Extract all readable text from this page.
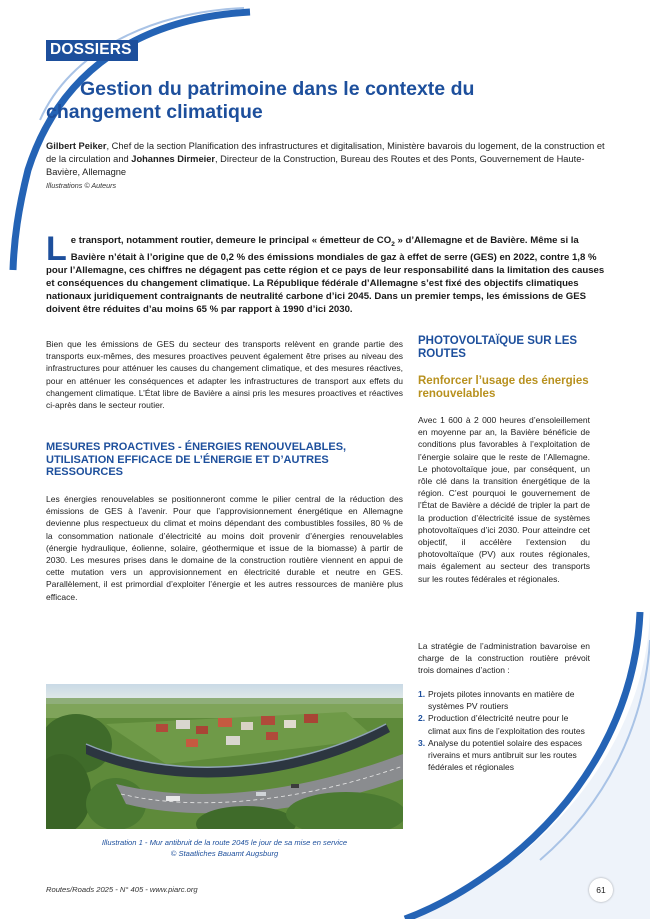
DOSSIERS
Gestion du patrimoine dans le contexte du changement climatique
Gilbert Peiker, Chef de la section Planification des infrastructures et digitalisation, Ministère bavarois du logement, de la construction et de la circulation and Johannes Dirmeier, Directeur de la Construction, Bureau des Routes et des Ponts, Gouvernement de Haute-Bavière, Allemagne
Illustrations © Auteurs
Le transport, notamment routier, demeure le principal « émetteur de $CO_2$ » d’Allemagne et de Bavière. Même si la Bavière n’était à l’origine que de 0,2 % des émissions mondiales de gaz à effet de serre (GES) en 2022, contre 1,8 % pour l’Allemagne, ces chiffres ne dégagent pas cette région et ce pays de leur responsabilité dans la limitation des causes et conséquences du changement climatique. La République fédérale d’Allemagne s’est fixé des objectifs climatiques nationaux juridiquement contraignants de neutralité carbone d’ici 2045. Dans un premier temps, les émissions de GES doivent être réduites d’au moins 65 % par rapport à 1990 d’ici 2030.
Bien que les émissions de GES du secteur des transports relèvent en grande partie des transports eux-mêmes, des mesures proactives peuvent également être prises au niveau des infrastructures pour atténuer les causes du changement climatique, et des mesures réactives, pour en atténuer les conséquences et adapter les infrastructures de transport aux effets du changement climatique. L’État libre de Bavière a ainsi pris les mesures proactives et réactives ci-après dans le secteur routier.
MESURES PROACTIVES - ÉNERGIES RENOUVELABLES, UTILISATION EFFICACE DE L’ÉNERGIE ET D’AUTRES RESSOURCES
Les énergies renouvelables se positionneront comme le pilier central de la réduction des émissions de GES à l’avenir. Pour que l’approvisionnement énergétique en Allemagne devienne plus respectueux du climat et moins dépendant des combustibles fossiles, 80 % de la consommation nationale d’électricité au moins doit provenir d’énergies renouvelables (énergie hydraulique, éolienne, solaire, géothermique et issue de la biomasse) à partir de 2030. Les mesures prises dans le domaine de la construction routière viennent en appui de cette mutation vers un approvisionnement en électricité durable et neutre en GES. Parallèlement, il est primordial d’exploiter l’énergie et les autres ressources de manière plus efficace.
Illustration 1 - Mur antibruit de la route 2045 le jour de sa mise en service
© Staatliches Bauamt Augsburg
PHOTOVOLTAÏQUE SUR LES ROUTES
Renforcer l’usage des énergies renouvelables
Avec 1 600 à 2 000 heures d’ensoleillement en moyenne par an, la Bavière bénéficie de conditions plus favorables à l’exploitation de l’énergie solaire que le reste de l’Allemagne. Le photovoltaïque joue, par conséquent, un rôle clé dans la transition énergétique de la région. C’est pourquoi le gouvernement de l’État de Bavière a décidé de tripler la part de la production d’électricité issue de systèmes photovoltaïques d’ici 2030. Pour atteindre cet objectif, il accélère l’extension du photovoltaïque (PV) aux routes régionales, mais également au secteur des transports sur les routes fédérales et régionales.
La stratégie de l’administration bavaroise en charge de la construction routière prévoit trois domaines d’action :
1. Projets pilotes innovants en matière de systèmes PV routiers
2. Production d’électricité neutre pour le climat aux fins de l’exploitation des routes
3. Analyse du potentiel solaire des espaces riverains et murs antibruit sur les routes fédérales et régionales
Routes/Roads 2025 - N° 405 - www.piarc.org	61
